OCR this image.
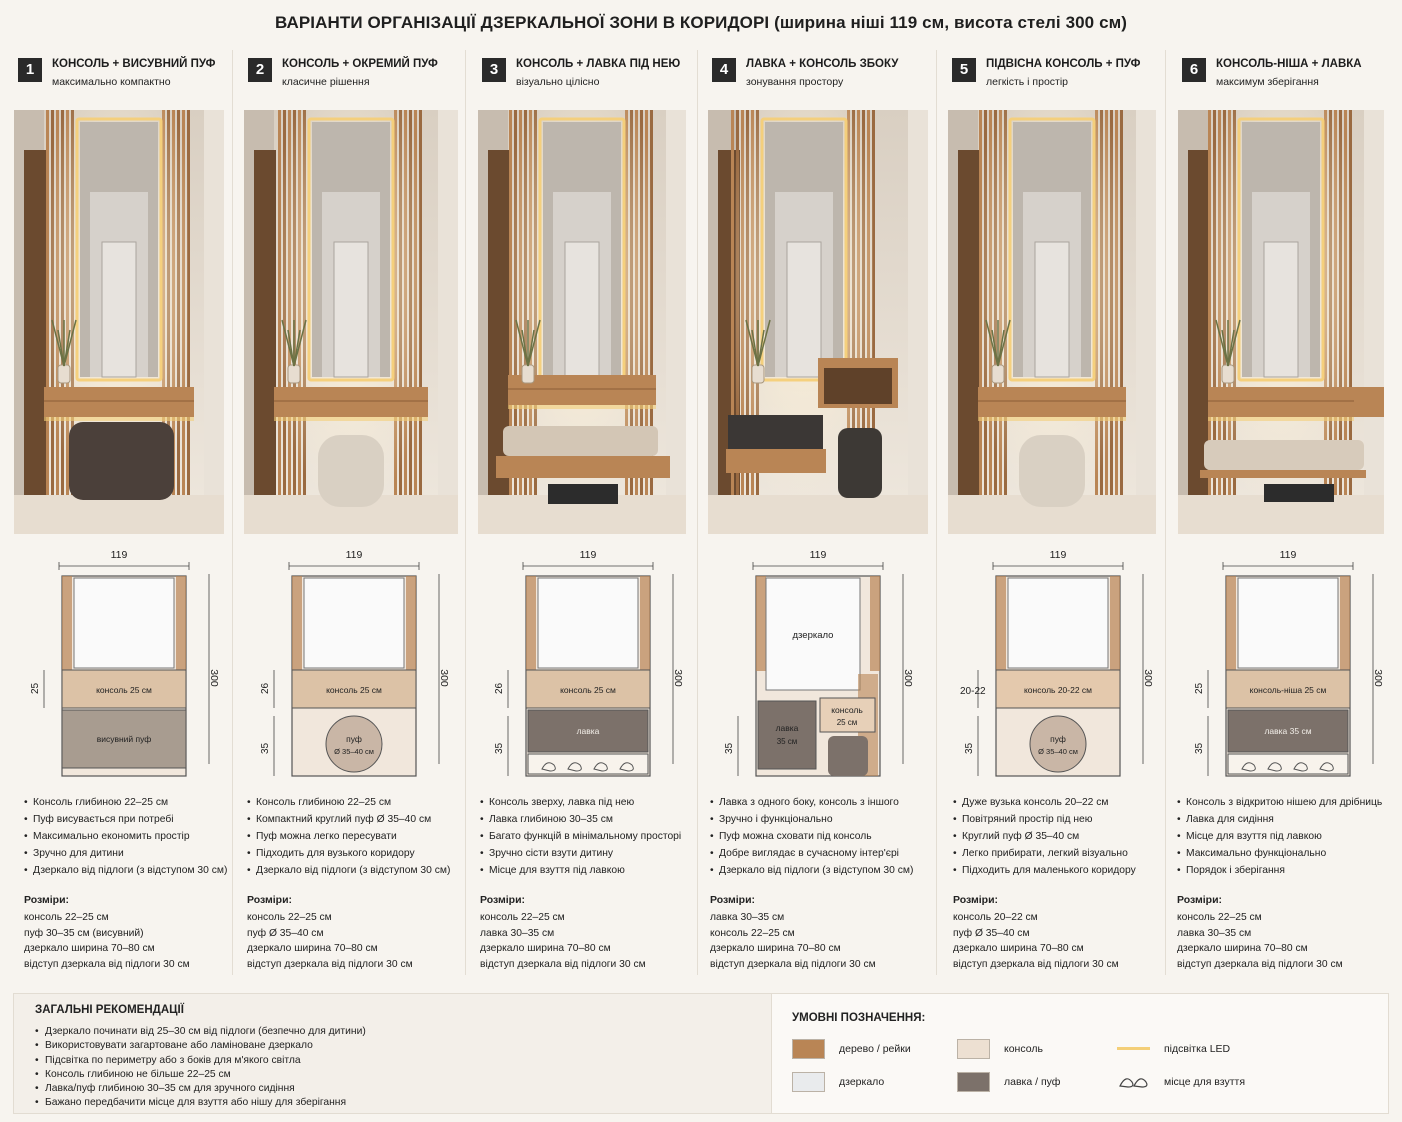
ВАРІАНТИ ОРГАНІЗАЦІЇ ДЗЕРКАЛЬНОЇ ЗОНИ В КОРИДОРІ (ширина ніші 119 см, висота стелі 300 см)
1	КОНСОЛЬ + ВИСУВНИЙ ПУФ
максимально компактно
119
300
консоль 25 см
висувний пуф
25
• Консоль глибиною 22–25 см
• Пуф висувається при потребі
• Максимально економить простір
• Зручно для дитини
• Дзеркало від підлоги (з відступом 30 см)
Розміри:
консоль 22–25 см
пуф 30–35 см (висувний)
дзеркало ширина 70–80 см
відступ дзеркала від підлоги 30 см
2	КОНСОЛЬ + ОКРЕМИЙ ПУФ
класичне рішення
119
300
консоль 25 см
пуф
Ø 35–40 см
26
35
• Консоль глибиною 22–25 см
• Компактний круглий пуф Ø 35–40 см
• Пуф можна легко пересувати
• Підходить для вузького коридору
• Дзеркало від підлоги (з відступом 30 см)
Розміри:
консоль 22–25 см
пуф Ø 35–40 см
дзеркало ширина 70–80 см
відступ дзеркала від підлоги 30 см
3	КОНСОЛЬ + ЛАВКА ПІД НЕЮ
візуально цілісно
119
300
консоль 25 см
лавка
26
35
• Консоль зверху, лавка під нею
• Лавка глибиною 30–35 см
• Багато функцій в мінімальному просторі
• Зручно сісти взути дитину
• Місце для взуття під лавкою
Розміри:
консоль 22–25 см
лавка 30–35 см
дзеркало ширина 70–80 см
відступ дзеркала від підлоги 30 см
4	ЛАВКА + КОНСОЛЬ ЗБОКУ
зонування простору
119
300
дзеркало
лавка
35 см
консоль
25 см
35
• Лавка з одного боку, консоль з іншого
• Зручно і функціонально
• Пуф можна сховати під консоль
• Добре виглядає в сучасному інтер'єрі
• Дзеркало від підлоги (з відступом 30 см)
Розміри:
лавка 30–35 см
консоль 22–25 см
дзеркало ширина 70–80 см
відступ дзеркала від підлоги 30 см
5	ПІДВІСНА КОНСОЛЬ + ПУФ
легкість і простір
119
300
консоль 20-22 см
пуф
Ø 35–40 см
20-22
35
• Дуже вузька консоль 20–22 см
• Повітряний простір під нею
• Круглий пуф Ø 35–40 см
• Легко прибирати, легкий візуально
• Підходить для маленького коридору
Розміри:
консоль 20–22 см
пуф Ø 35–40 см
дзеркало ширина 70–80 см
відступ дзеркала від підлоги 30 см
6	КОНСОЛЬ-НІША + ЛАВКА
максимум зберігання
119
300
консоль-ніша 25 см
лавка 35 см
25
35
• Консоль з відкритою нішею для дрібниць
• Лавка для сидіння
• Місце для взуття під лавкою
• Максимально функціонально
• Порядок і зберігання
Розміри:
консоль 22–25 см
лавка 30–35 см
дзеркало ширина 70–80 см
відступ дзеркала від підлоги 30 см
ЗАГАЛЬНІ РЕКОМЕНДАЦІЇ
• Дзеркало починати від 25–30 см від підлоги (безпечно для дитини)
• Використовувати загартоване або ламіноване дзеркало
• Підсвітка по периметру або з боків для м'якого світла
• Консоль глибиною не більше 22–25 см
• Лавка/пуф глибиною 30–35 см для зручного сидіння
• Бажано передбачити місце для взуття або нішу для зберігання
УМОВНІ ПОЗНАЧЕННЯ:
дерево / рейки
дзеркало
консоль
лавка / пуф
підсвітка LED
місце для взуття
